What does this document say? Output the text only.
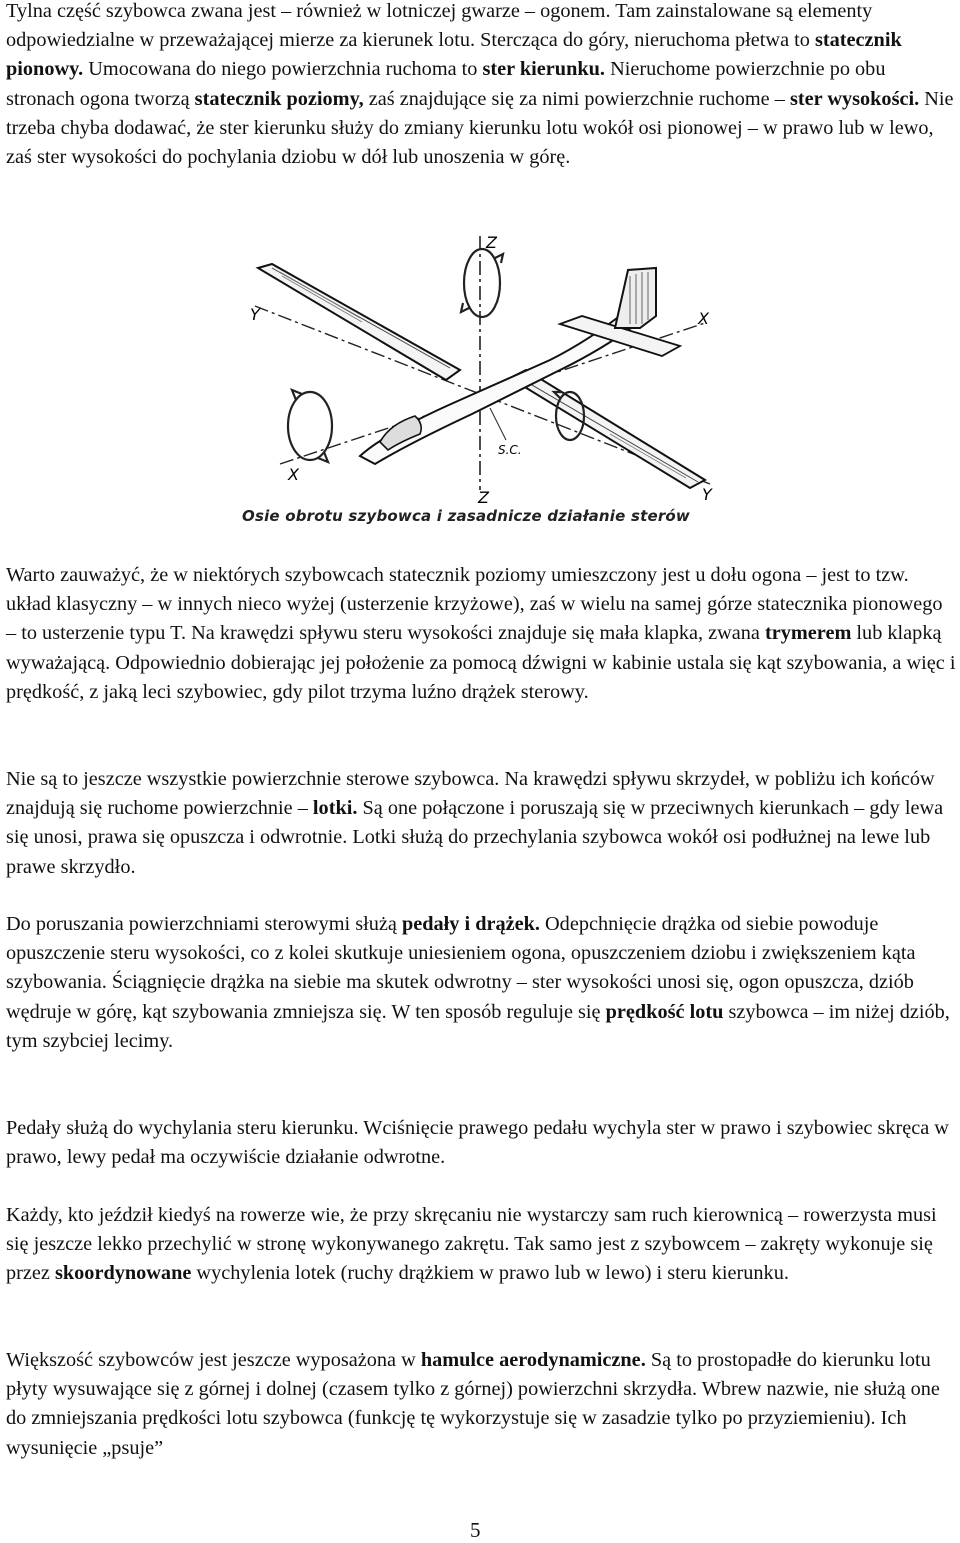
Tylna część szybowca zwana jest – również w lotniczej gwarze – ogonem. Tam zainstalowane są elementy odpowiedzialne w przeważającej mierze za kierunek lotu. Stercząca do góry, nieruchoma płetwa to statecznik pionowy. Umocowana do niego powierzchnia ruchoma to ster kierunku. Nieruchome powierzchnie po obu stronach ogona tworzą statecznik poziomy, zaś znajdujące się za nimi powierzchnie ruchome – ster wysokości. Nie trzeba chyba dodawać, że ster kierunku służy do zmiany kierunku lotu wokół osi pionowej – w prawo lub w lewo, zaś ster wysokości do pochylania dziobu w dół lub unoszenia w górę.

Z
Z
Y
Y
X
X
S.C.
Osie obrotu szybowca i zasadnicze działanie sterów

Warto zauważyć, że w niektórych szybowcach statecznik poziomy umieszczony jest u dołu ogona – jest to tzw. układ klasyczny – w innych nieco wyżej (usterzenie krzyżowe), zaś w wielu na samej górze statecznika pionowego – to usterzenie typu T. Na krawędzi spływu steru wysokości znajduje się mała klapka, zwana trymerem lub klapką wyważającą. Odpowiednio dobierając jej położenie za pomocą dźwigni w kabinie ustala się kąt szybowania, a więc i prędkość, z jaką leci szybowiec, gdy pilot trzyma luźno drążek sterowy.

Nie są to jeszcze wszystkie powierzchnie sterowe szybowca. Na krawędzi spływu skrzydeł, w pobliżu ich końców znajdują się ruchome powierzchnie – lotki. Są one połączone i poruszają się w przeciwnych kierunkach – gdy lewa się unosi, prawa się opuszcza i odwrotnie. Lotki służą do przechylania szybowca wokół osi podłużnej na lewe lub prawe skrzydło.

Do poruszania powierzchniami sterowymi służą pedały i drążek. Odepchnięcie drążka od siebie powoduje opuszczenie steru wysokości, co z kolei skutkuje uniesieniem ogona, opuszczeniem dziobu i zwiększeniem kąta szybowania. Ściągnięcie drążka na siebie ma skutek odwrotny – ster wysokości unosi się, ogon opuszcza, dziób wędruje w górę, kąt szybowania zmniejsza się. W ten sposób reguluje się prędkość lotu szybowca – im niżej dziób, tym szybciej lecimy.

Pedały służą do wychylania steru kierunku. Wciśnięcie prawego pedału wychyla ster w prawo i szybowiec skręca w prawo, lewy pedał ma oczywiście działanie odwrotne.

Każdy, kto jeździł kiedyś na rowerze wie, że przy skręcaniu nie wystarczy sam ruch kierownicą – rowerzysta musi się jeszcze lekko przechylić w stronę wykonywanego zakrętu. Tak samo jest z szybowcem – zakręty wykonuje się przez skoordynowane wychylenia lotek (ruchy drążkiem w prawo lub w lewo) i steru kierunku.

Większość szybowców jest jeszcze wyposażona w hamulce aerodynamiczne. Są to prostopadłe do kierunku lotu płyty wysuwające się z górnej i dolnej (czasem tylko z górnej) powierzchni skrzydła. Wbrew nazwie, nie służą one do zmniejszania prędkości lotu szybowca (funkcję tę wykorzystuje się w zasadzie tylko po przyziemieniu). Ich wysunięcie „psuje”

5
